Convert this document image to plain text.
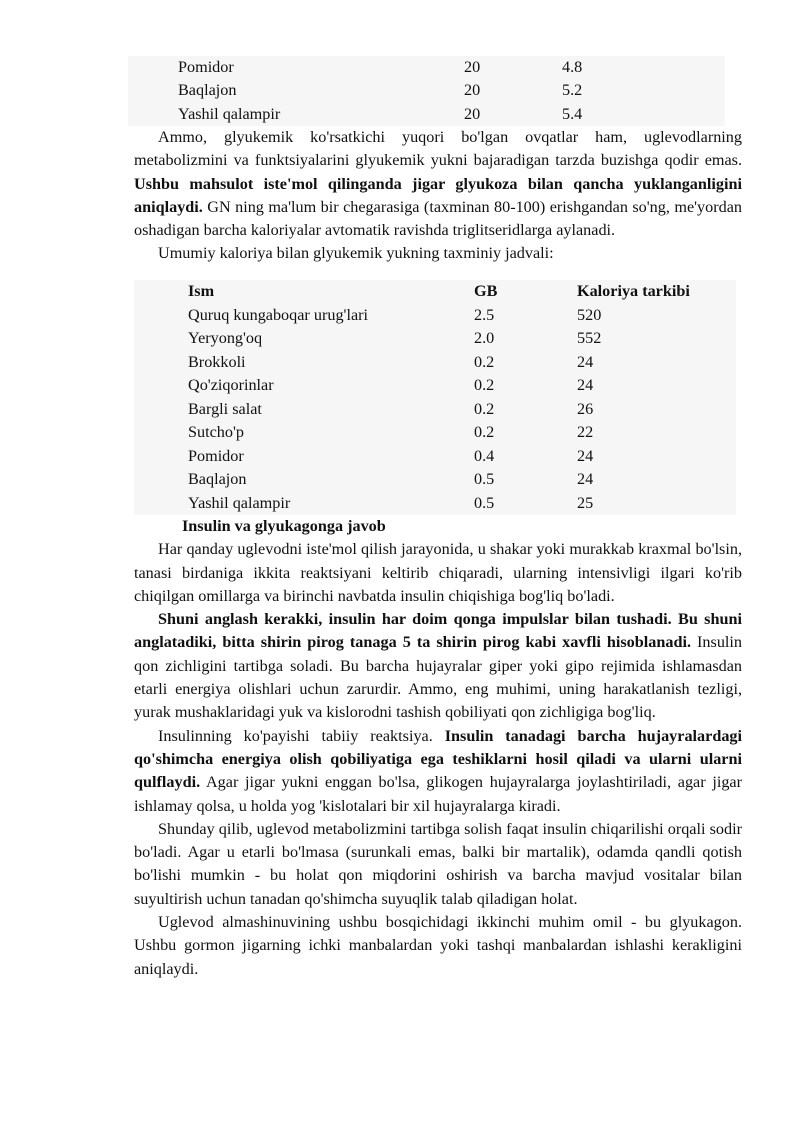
Pomidor	20	4.8
Baqlajon	20	5.2
Yashil qalampir	20	5.4

Ammo, glyukemik ko'rsatkichi yuqori bo'lgan ovqatlar ham, uglevodlarning metabolizmini va funktsiyalarini glyukemik yukni bajaradigan tarzda buzishga qodir emas. Ushbu mahsulot iste'mol qilinganda jigar glyukoza bilan qancha yuklanganligini aniqlaydi. GN ning ma'lum bir chegarasiga (taxminan 80-100) erishgandan so'ng, me'yordan oshadigan barcha kaloriyalar avtomatik ravishda triglitseridlarga aylanadi.

Umumiy kaloriya bilan glyukemik yukning taxminiy jadvali:

Ism	GB	Kaloriya tarkibi
Quruq kungaboqar urug'lari	2.5	520
Yeryong'oq	2.0	552
Brokkoli	0.2	24
Qo'ziqorinlar	0.2	24
Bargli salat	0.2	26
Sutcho'p	0.2	22
Pomidor	0.4	24
Baqlajon	0.5	24
Yashil qalampir	0.5	25

Insulin va glyukagonga javob

Har qanday uglevodni iste'mol qilish jarayonida, u shakar yoki murakkab kraxmal bo'lsin, tanasi birdaniga ikkita reaktsiyani keltirib chiqaradi, ularning intensivligi ilgari ko'rib chiqilgan omillarga va birinchi navbatda insulin chiqishiga bog'liq bo'ladi.

Shuni anglash kerakki, insulin har doim qonga impulslar bilan tushadi. Bu shuni anglatadiki, bitta shirin pirog tanaga 5 ta shirin pirog kabi xavfli hisoblanadi. Insulin qon zichligini tartibga soladi. Bu barcha hujayralar giper yoki gipo rejimida ishlamasdan etarli energiya olishlari uchun zarurdir. Ammo, eng muhimi, uning harakatlanish tezligi, yurak mushaklaridagi yuk va kislorodni tashish qobiliyati qon zichligiga bog'liq.

Insulinning ko'payishi tabiiy reaktsiya. Insulin tanadagi barcha hujayralardagi qo'shimcha energiya olish qobiliyatiga ega teshiklarni hosil qiladi va ularni ularni qulflaydi. Agar jigar yukni enggan bo'lsa, glikogen hujayralarga joylashtiriladi, agar jigar ishlamay qolsa, u holda yog 'kislotalari bir xil hujayralarga kiradi.

Shunday qilib, uglevod metabolizmini tartibga solish faqat insulin chiqarilishi orqali sodir bo'ladi. Agar u etarli bo'lmasa (surunkali emas, balki bir martalik), odamda qandli qotish bo'lishi mumkin - bu holat qon miqdorini oshirish va barcha mavjud vositalar bilan suyultirish uchun tanadan qo'shimcha suyuqlik talab qiladigan holat.

Uglevod almashinuvining ushbu bosqichidagi ikkinchi muhim omil - bu glyukagon. Ushbu gormon jigarning ichki manbalardan yoki tashqi manbalardan ishlashi kerakligini aniqlaydi.
